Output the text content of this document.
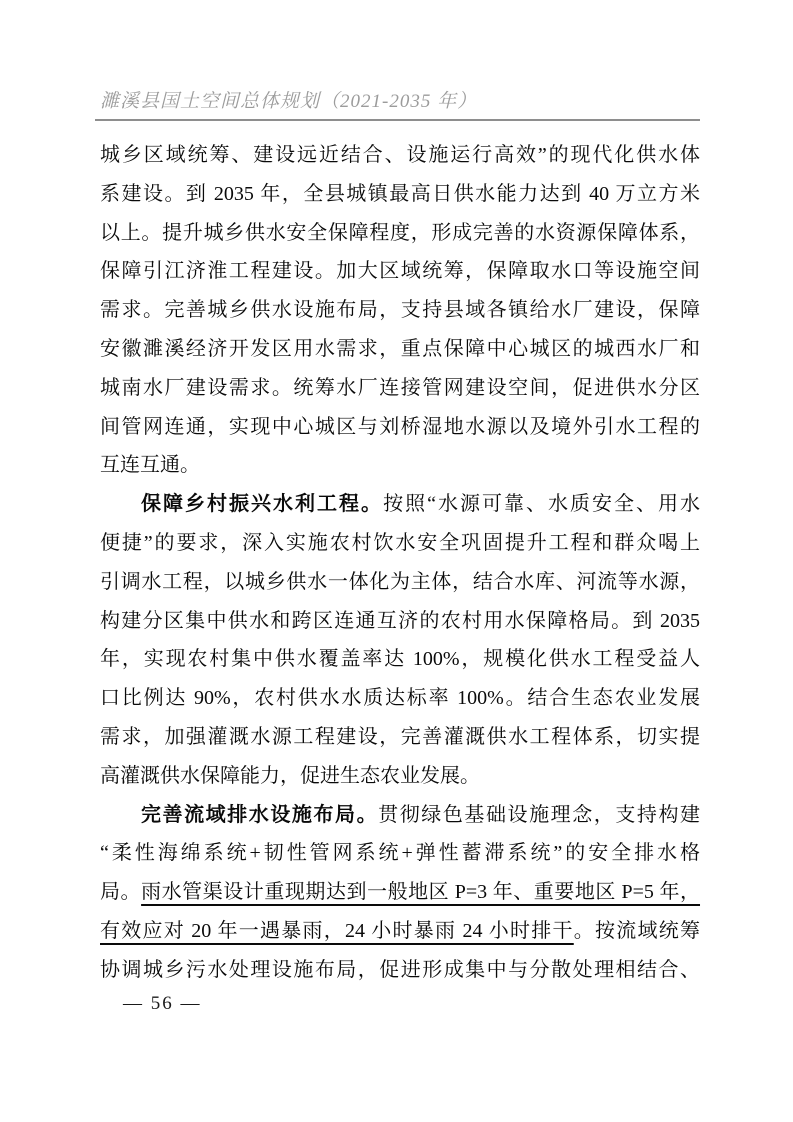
濉溪县国土空间总体规划（2021-2035 年）
城乡区域统筹、建设远近结合、设施运行高效”的现代化供水体
系建设。到 2035 年，全县城镇最高日供水能力达到 40 万立方米
以上。提升城乡供水安全保障程度，形成完善的水资源保障体系，
保障引江济淮工程建设。加大区域统筹，保障取水口等设施空间
需求。完善城乡供水设施布局，支持县域各镇给水厂建设，保障
安徽濉溪经济开发区用水需求，重点保障中心城区的城西水厂和
城南水厂建设需求。统筹水厂连接管网建设空间，促进供水分区
间管网连通，实现中心城区与刘桥湿地水源以及境外引水工程的
互连互通。
保障乡村振兴水利工程。按照“水源可靠、水质安全、用水
便捷”的要求，深入实施农村饮水安全巩固提升工程和群众喝上
引调水工程，以城乡供水一体化为主体，结合水库、河流等水源，
构建分区集中供水和跨区连通互济的农村用水保障格局。到 2035
年，实现农村集中供水覆盖率达 100%，规模化供水工程受益人
口比例达 90%，农村供水水质达标率 100%。结合生态农业发展
需求，加强灌溉水源工程建设，完善灌溉供水工程体系，切实提
高灌溉供水保障能力，促进生态农业发展。
完善流域排水设施布局。贯彻绿色基础设施理念，支持构建
“柔性海绵系统+韧性管网系统+弹性蓄滞系统”的安全排水格
局。雨水管渠设计重现期达到一般地区 P=3 年、重要地区 P=5 年，
有效应对 20 年一遇暴雨，24 小时暴雨 24 小时排干。按流域统筹
协调城乡污水处理设施布局，促进形成集中与分散处理相结合、
— 56 —
